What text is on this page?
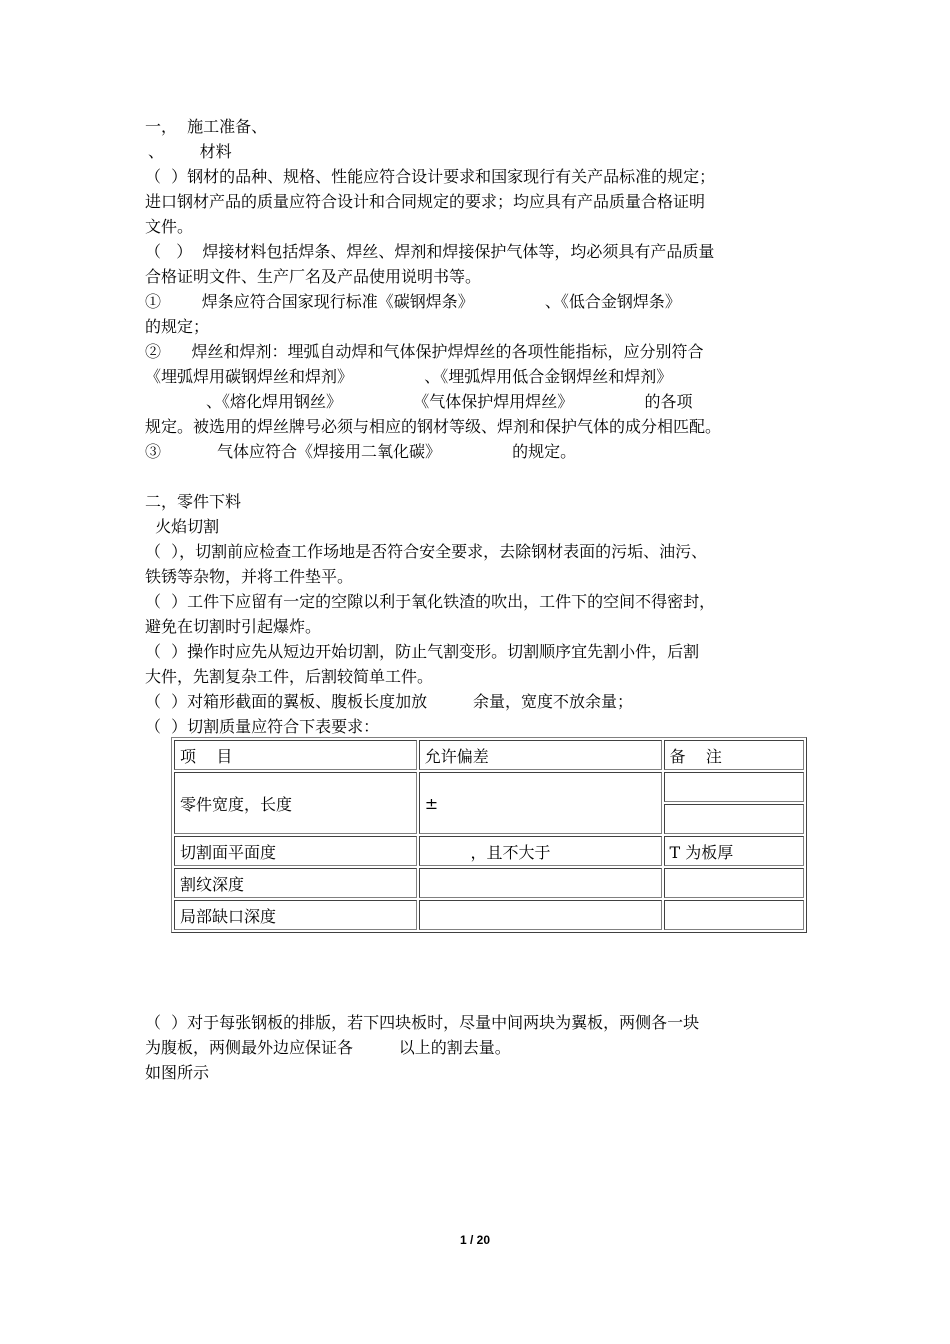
一，  施工准备、
、       材料
（  ）钢材的品种、规格、性能应符合设计要求和国家现行有关产品标准的规定；
进口钢材产品的质量应符合设计和合同规定的要求；均应具有产品质量合格证明
文件。
（   ）  焊接材料包括焊条、焊丝、焊剂和焊接保护气体等，均必须具有产品质量
合格证明文件、生产厂名及产品使用说明书等。
①        焊条应符合国家现行标准《碳钢焊条》              、《低合金钢焊条》
的规定；
②      焊丝和焊剂：埋弧自动焊和气体保护焊焊丝的各项性能指标，应分别符合
《埋弧焊用碳钢焊丝和焊剂》              、《埋弧焊用低合金钢焊丝和焊剂》
、《熔化焊用钢丝》              《气体保护焊用焊丝》              的各项
规定。被选用的焊丝牌号必须与相应的钢材等级、焊剂和保护气体的成分相匹配。
③           气体应符合《焊接用二氧化碳》              的规定。
二，零件下料
火焰切割
（  ），切割前应检查工作场地是否符合安全要求，去除钢材表面的污垢、油污、
铁锈等杂物，并将工件垫平。
（  ）工件下应留有一定的空隙以利于氧化铁渣的吹出，工件下的空间不得密封，
避免在切割时引起爆炸。
（  ）操作时应先从短边开始切割，防止气割变形。切割顺序宜先割小件，后割
大件，先割复杂工件，后割较简单工件。
（  ）对箱形截面的翼板、腹板长度加放         余量，宽度不放余量；
（  ）切割质量应符合下表要求：
项    目	允许偏差	备    注
零件宽度，长度	±	

切割面平面度	，且不大于	T 为板厚
割纹深度		
局部缺口深度		
（  ）对于每张钢板的排版，若下四块板时，尽量中间两块为翼板，两侧各一块
为腹板，两侧最外边应保证各         以上的割去量。
如图所示
1 / 20
